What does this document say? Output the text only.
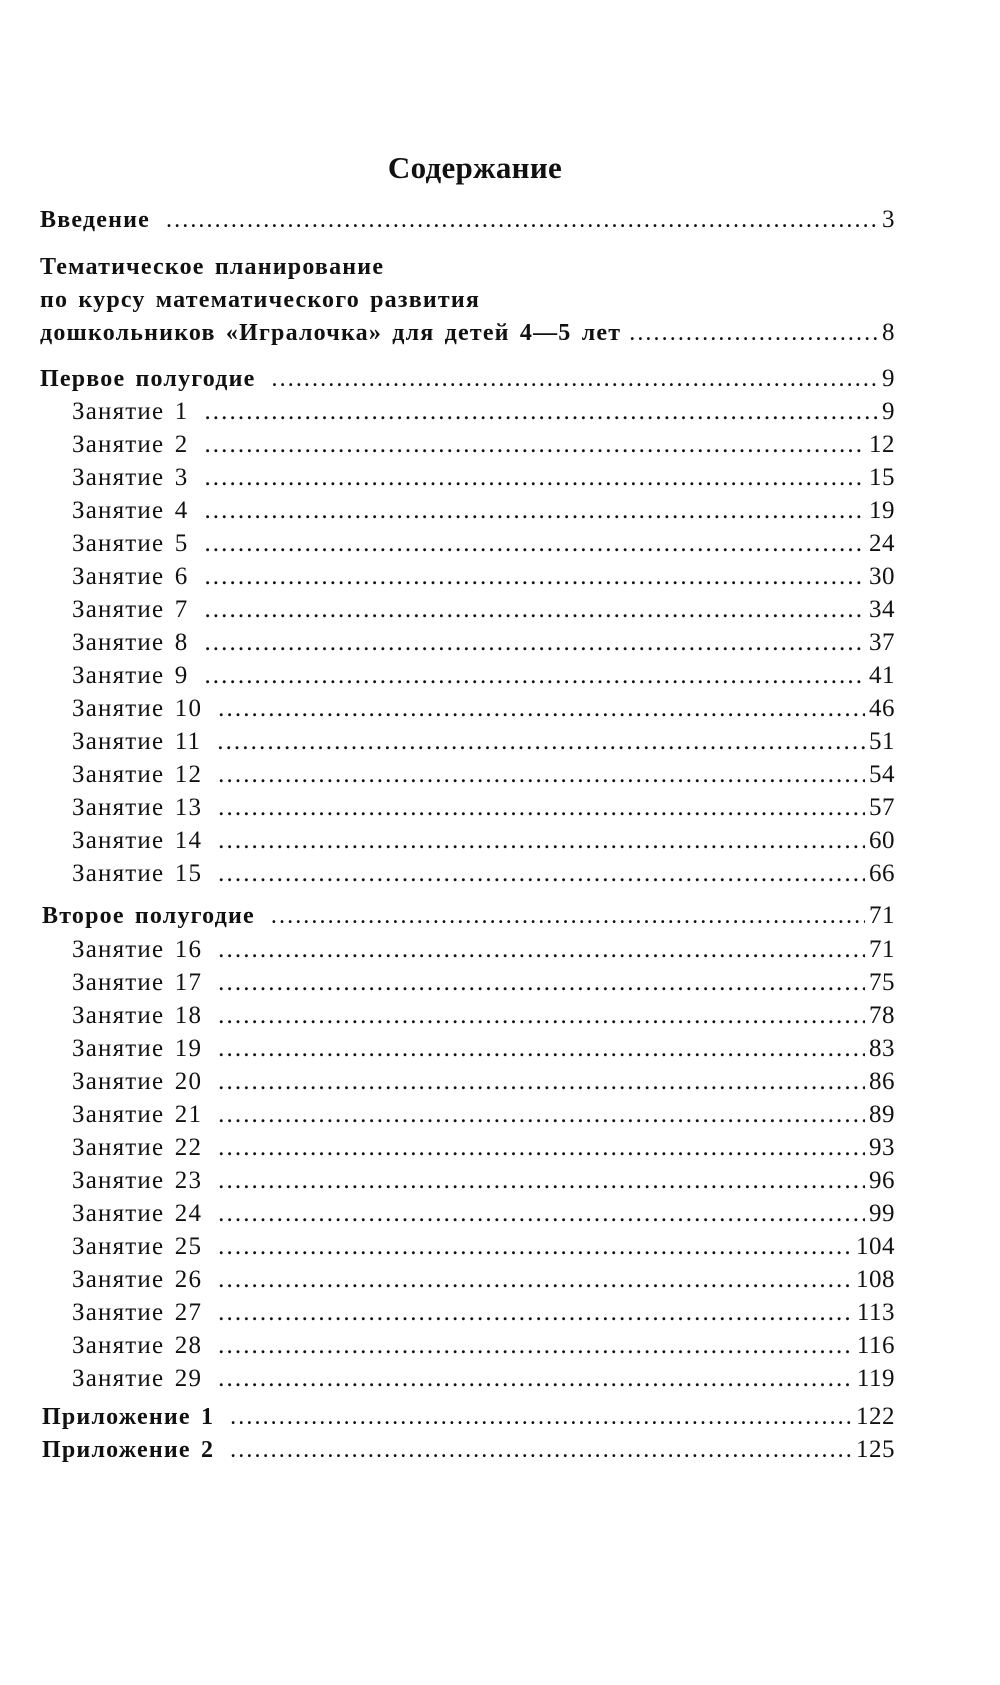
Содержание
Введение .....	3
Тематическое планирование
по курсу математического развития
дошкольников «Игралочка» для детей 4—5 лет .....	8
Первое полугодие .....	9
Занятие 1 .....	9
Занятие 2 .....	12
Занятие 3 .....	15
Занятие 4 .....	19
Занятие 5 .....	24
Занятие 6 .....	30
Занятие 7 .....	34
Занятие 8 .....	37
Занятие 9 .....	41
Занятие 10 .....	46
Занятие 11 .....	51
Занятие 12 .....	54
Занятие 13 .....	57
Занятие 14 .....	60
Занятие 15 .....	66
Второе полугодие .....	71
Занятие 16 .....	71
Занятие 17 .....	75
Занятие 18 .....	78
Занятие 19 .....	83
Занятие 20 .....	86
Занятие 21 .....	89
Занятие 22 .....	93
Занятие 23 .....	96
Занятие 24 .....	99
Занятие 25 .....	104
Занятие 26 .....	108
Занятие 27 .....	113
Занятие 28 .....	116
Занятие 29 .....	119
Приложение 1 .....	122
Приложение 2 .....	125
